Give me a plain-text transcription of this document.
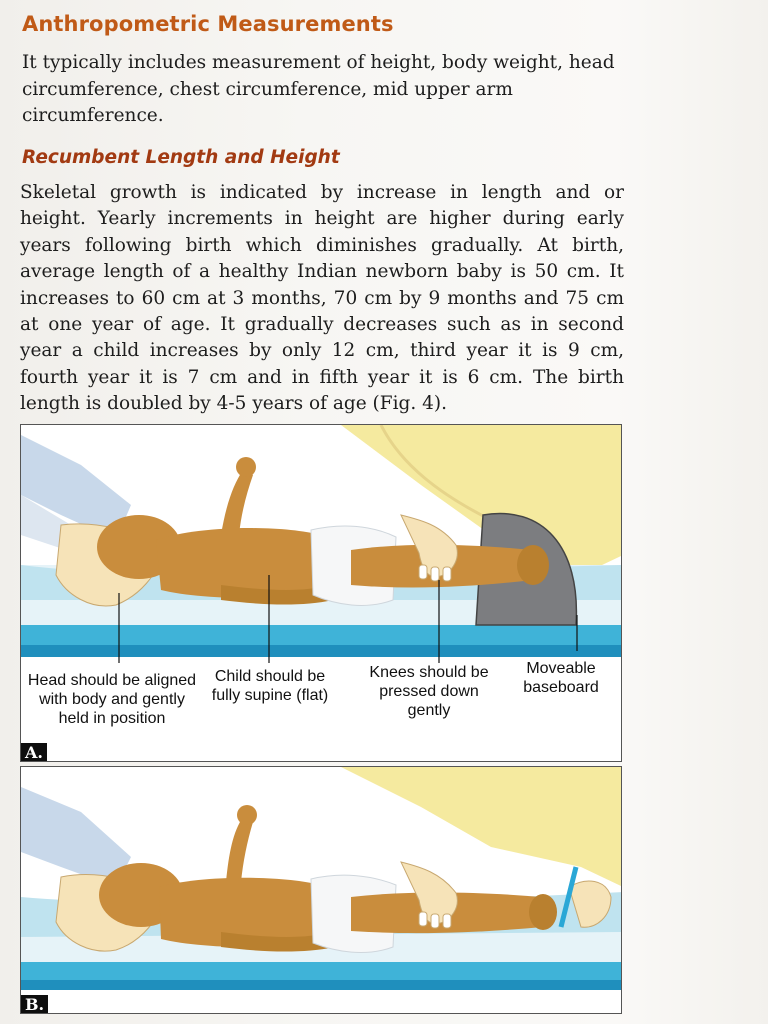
Anthropometric Measurements
It typically includes measurement of height, body weight, head circumference, chest circumference, mid upper arm circumference.
Recumbent Length and Height
Skeletal growth is indicated by increase in length and or height. Yearly increments in height are higher during early years following birth which diminishes gradually. At birth, average length of a healthy Indian newborn baby is 50 cm. It increases to 60 cm at 3 months, 70 cm by 9 months and 75 cm at one year of age. It gradually decreases such as in second year a child increases by only 12 cm, third year it is 9 cm, fourth year it is 7 cm and in fifth year it is 6 cm. The birth length is doubled by 4-5 years of age (Fig. 4).
Head should be aligned with body and gently held in position
Child should be fully supine (flat)
Knees should be pressed down gently
Moveable baseboard
A.
B.
